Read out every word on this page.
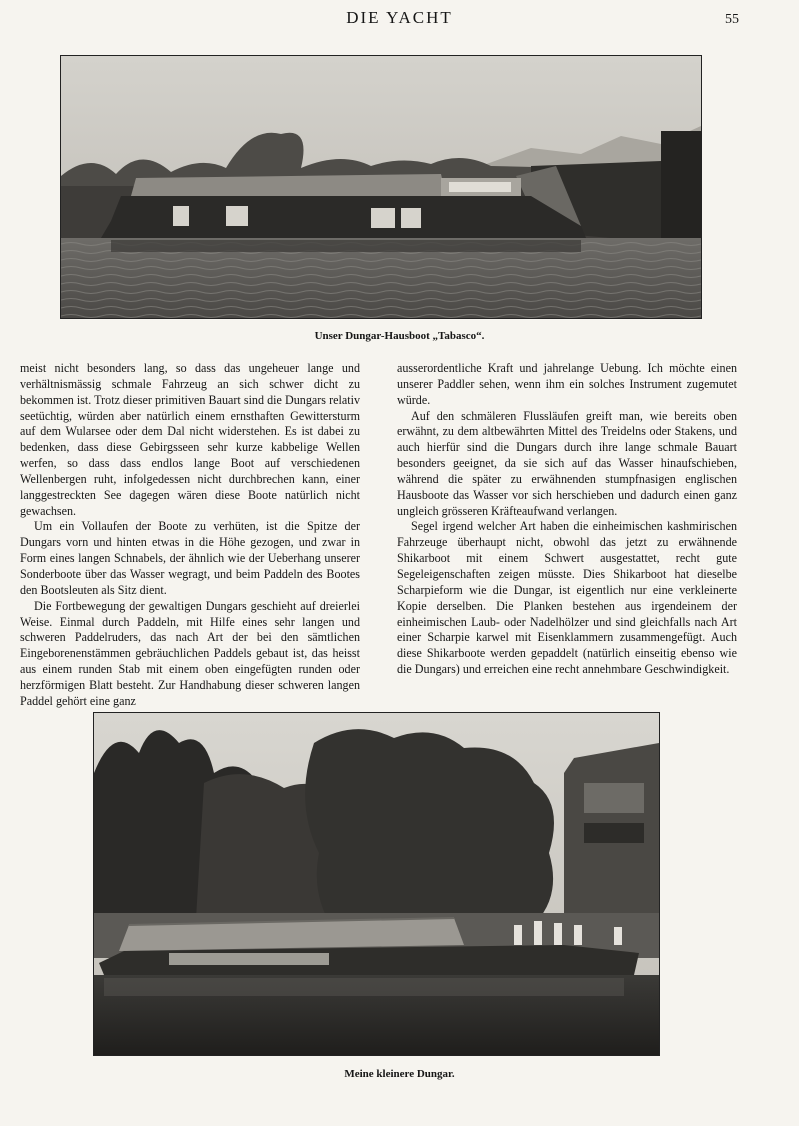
DIE YACHT	55
Unser Dungar-Hausboot „Tabasco“.

meist nicht besonders lang, so dass das ungeheuer lange und verhältnismässig schmale Fahrzeug an sich schwer dicht zu bekommen ist. Trotz dieser primitiven Bauart sind die Dungars relativ seetüchtig, würden aber natürlich einem ernsthaften Gewittersturm auf dem Wularsee oder dem Dal nicht widerstehen. Es ist dabei zu bedenken, dass diese Gebirgsseen sehr kurze kabbelige Wellen werfen, so dass dass endlos lange Boot auf verschiedenen Wellenbergen ruht, infolgedessen nicht durchbrechen kann, einer langgestreckten See dagegen wären diese Boote natürlich nicht gewachsen.

Um ein Vollaufen der Boote zu verhüten, ist die Spitze der Dungars vorn und hinten etwas in die Höhe gezogen, und zwar in Form eines langen Schnabels, der ähnlich wie der Ueberhang unserer Sonderboote über das Wasser wegragt, und beim Paddeln des Bootes den Bootsleuten als Sitz dient.

Die Fortbewegung der gewaltigen Dungars geschieht auf dreierlei Weise. Einmal durch Paddeln, mit Hilfe eines sehr langen und schweren Paddelruders, das nach Art der bei den sämtlichen Eingeborenenstämmen gebräuchlichen Paddels gebaut ist, das heisst aus einem runden Stab mit einem oben eingefügten runden oder herzförmigen Blatt besteht. Zur Handhabung dieser schweren langen Paddel gehört eine ganz

ausserordentliche Kraft und jahrelange Uebung. Ich möchte einen unserer Paddler sehen, wenn ihm ein solches Instrument zugemutet würde.

Auf den schmäleren Flussläufen greift man, wie bereits oben erwähnt, zu dem altbewährten Mittel des Treidelns oder Stakens, und auch hierfür sind die Dungars durch ihre lange schmale Bauart besonders geeignet, da sie sich auf das Wasser hinaufschieben, während die später zu erwähnenden stumpfnasigen englischen Hausboote das Wasser vor sich herschieben und dadurch einen ganz ungleich grösseren Kräfteaufwand verlangen.

Segel irgend welcher Art haben die einheimischen kashmirischen Fahrzeuge überhaupt nicht, obwohl das jetzt zu erwähnende Shikarboot mit einem Schwert ausgestattet, recht gute Segeleigenschaften zeigen müsste. Dies Shikarboot hat dieselbe Scharpieform wie die Dungar, ist eigentlich nur eine verkleinerte Kopie derselben. Die Planken bestehen aus irgendeinem der einheimischen Laub- oder Nadelhölzer und sind gleichfalls nach Art einer Scharpie karwel mit Eisenklammern zusammengefügt. Auch diese Shikarboote werden gepaddelt (natürlich einseitig ebenso wie die Dungars) und erreichen eine recht annehmbare Geschwindigkeit.

Meine kleinere Dungar.
